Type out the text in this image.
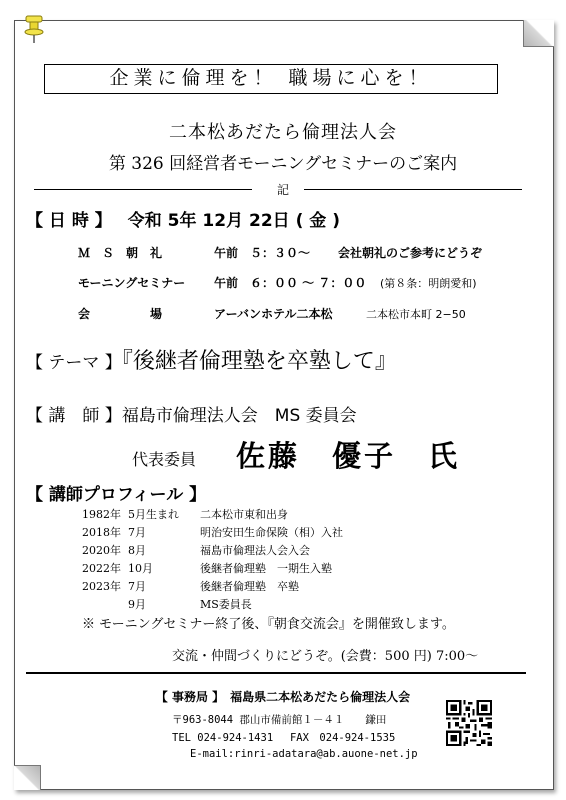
企業に倫理を！ 職場に心を！
二本松あだたら倫理法人会
第 326 回経営者モーニングセミナーのご案内
記
【 日 時 】 令和 5年 12月 22日 ( 金 )
Ｍ　Ｓ　朝　礼	午前　５：３０～ 会社朝礼のご参考にどうぞ
モーニングセミナー 午前　６：００ ～ ７：００ (第８条：明朗愛和)
会　　　　　場	アーバンホテル二本松	二本松市本町 2−50
【 テーマ 】『後継者倫理塾を卒塾して』
【 講　師 】福島市倫理法人会　MS 委員会
代表委員 佐藤　優子　氏
【 講師プロフィール 】
1982年 5月生まれ 二本松市東和出身
2018年 7月	明治安田生命保険（相）入社
2020年 8月	福島市倫理法人会入会
2022年 10月	後継者倫理塾　一期生入塾
2023年 7月	後継者倫理塾　卒塾
9月	MS委員長
※ モーニングセミナー終了後、『朝食交流会』を開催致します。
交流・仲間づくりにどうぞ。(会費：500 円) 7:00～
【 事務局 】　 福島県二本松あだたら倫理法人会
〒963-8044 郡山市備前館１－４１　　鎌田
TEL 024-924-1431　 FAX　024-924-1535
E-mail:rinri-adatara@ab.auone-net.jp
